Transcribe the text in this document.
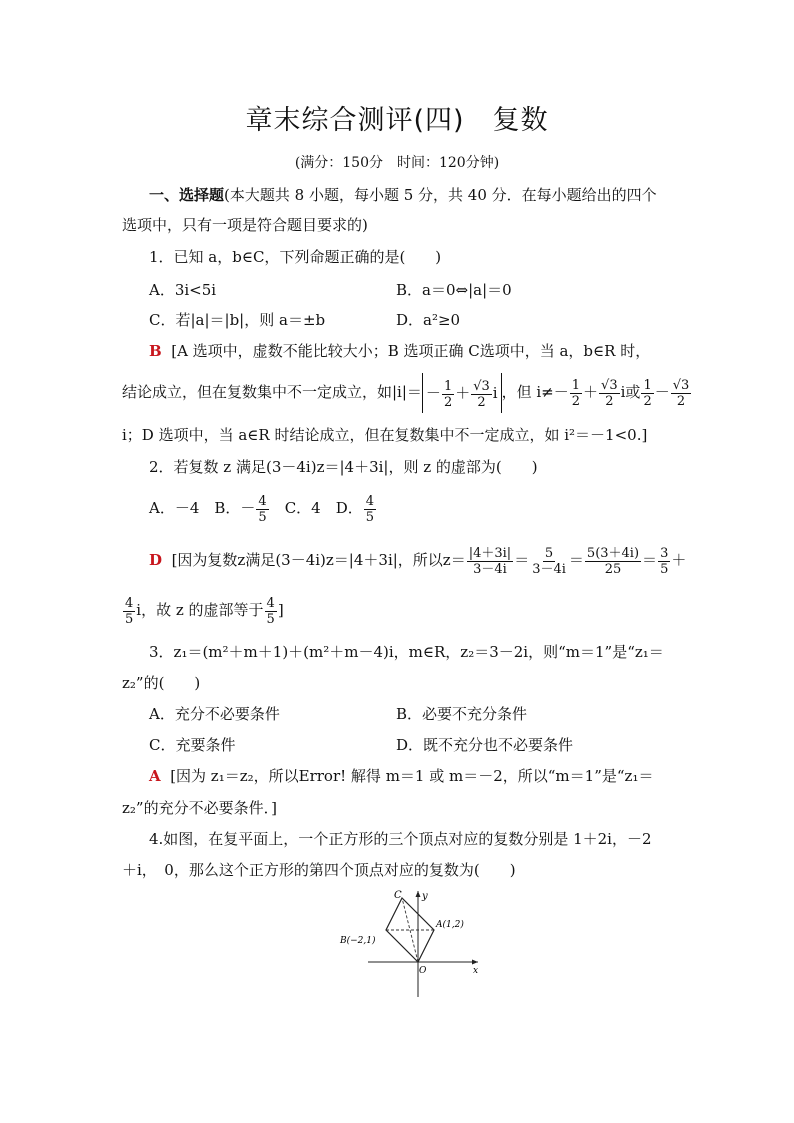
章末综合测评(四)　复数
(满分：150分　时间：120分钟)
一、选择题(本大题共 8 小题，每小题 5 分，共 40 分．在每小题给出的四个
选项中，只有一项是符合题目要求的)
1．已知 a，b∈C，下列命题正确的是(　　)
A．3i<5i	B．a＝0⇔|a|＝0
C．若|a|＝|b|，则 a＝±b	D．a²≥0
B [A 选项中，虚数不能比较大小；B 选项正确 C选项中，当 a，b∈R 时，
结论成立，但在复数集中不一定成立，如$|i|= - \frac{1}{2} + \frac{√3}{2}$ i ，但 $i\ne- \frac{1}{2} + \frac{√3}{2}$ i或 $\frac{1}{2} - \frac{√3}{2}$
i；D 选项中，当 a∈R 时结论成立，但在复数集中不一定成立，如 i²＝－1<0.]
2．若复数 z 满足(3－4i)z＝|4＋3i|，则 z 的虚部为(　　)
A．－4　B．－ $\frac{4}{5}$ 　C．4　D． $\frac{4}{5}$
D [因为复数z满足(3－4i)z＝|4＋3i|，所以$z= \frac{|4+3i|}{3-4i} = \frac{5}{3-4i} = \frac{5(3+4i)}{25} = \frac{3}{5}$ ＋
$\frac{4}{5}$ i，故 z 的虚部等于 $\frac{4}{5}$ ]
3．z₁＝(m²＋m＋1)＋(m²＋m－4)i，m∈R，z₂＝3－2i，则“m＝1”是“z₁＝
z₂”的(　　)
A．充分不必要条件	B．必要不充分条件
C．充要条件	D．既不充分也不必要条件
A [因为 z₁＝z₂，所以Error! 解得 m＝1 或 m＝－2，所以“m＝1”是“z₁＝
z₂”的充分不必要条件．]
4.如图，在复平面上，一个正方形的三个顶点对应的复数分别是 1＋2i，－2
＋i，　0，那么这个正方形的第四个顶点对应的复数为(　　)
C y
A(1,2)
B(−2,1)
O	x
